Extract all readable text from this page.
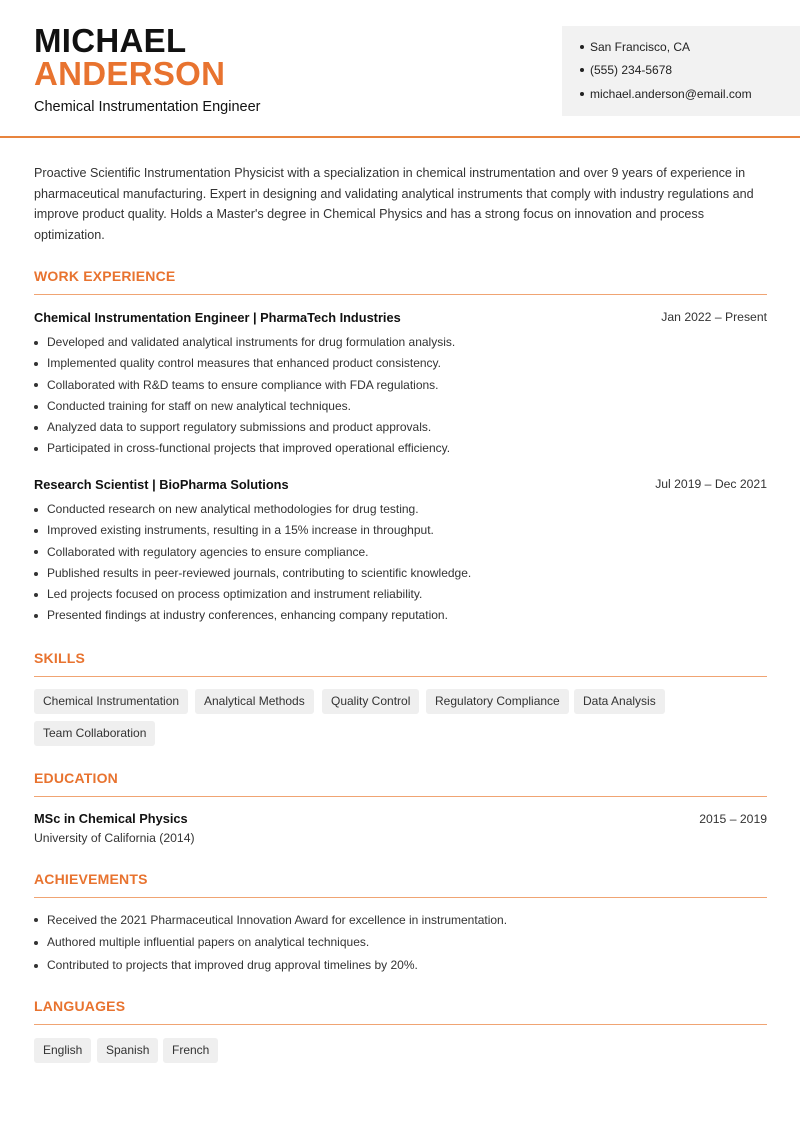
MICHAEL
ANDERSON
Chemical Instrumentation Engineer
San Francisco, CA
(555) 234-5678
michael.anderson@email.com

Proactive Scientific Instrumentation Physicist with a specialization in chemical instrumentation and over 9 years of experience in pharmaceutical manufacturing. Expert in designing and validating analytical instruments that comply with industry regulations and improve product quality. Holds a Master's degree in Chemical Physics and has a strong focus on innovation and process optimization.

WORK EXPERIENCE
Chemical Instrumentation Engineer | PharmaTech Industries	Jan 2022 – Present
Developed and validated analytical instruments for drug formulation analysis.
Implemented quality control measures that enhanced product consistency.
Collaborated with R&D teams to ensure compliance with FDA regulations.
Conducted training for staff on new analytical techniques.
Analyzed data to support regulatory submissions and product approvals.
Participated in cross-functional projects that improved operational efficiency.
Research Scientist | BioPharma Solutions	Jul 2019 – Dec 2021
Conducted research on new analytical methodologies for drug testing.
Improved existing instruments, resulting in a 15% increase in throughput.
Collaborated with regulatory agencies to ensure compliance.
Published results in peer-reviewed journals, contributing to scientific knowledge.
Led projects focused on process optimization and instrument reliability.
Presented findings at industry conferences, enhancing company reputation.
SKILLS
Chemical Instrumentation	Analytical Methods	Quality Control	Regulatory Compliance	Data Analysis
Team Collaboration
EDUCATION
MSc in Chemical Physics	2015 – 2019
University of California (2014)
ACHIEVEMENTS
Received the 2021 Pharmaceutical Innovation Award for excellence in instrumentation.
Authored multiple influential papers on analytical techniques.
Contributed to projects that improved drug approval timelines by 20%.
LANGUAGES
English	Spanish	French
